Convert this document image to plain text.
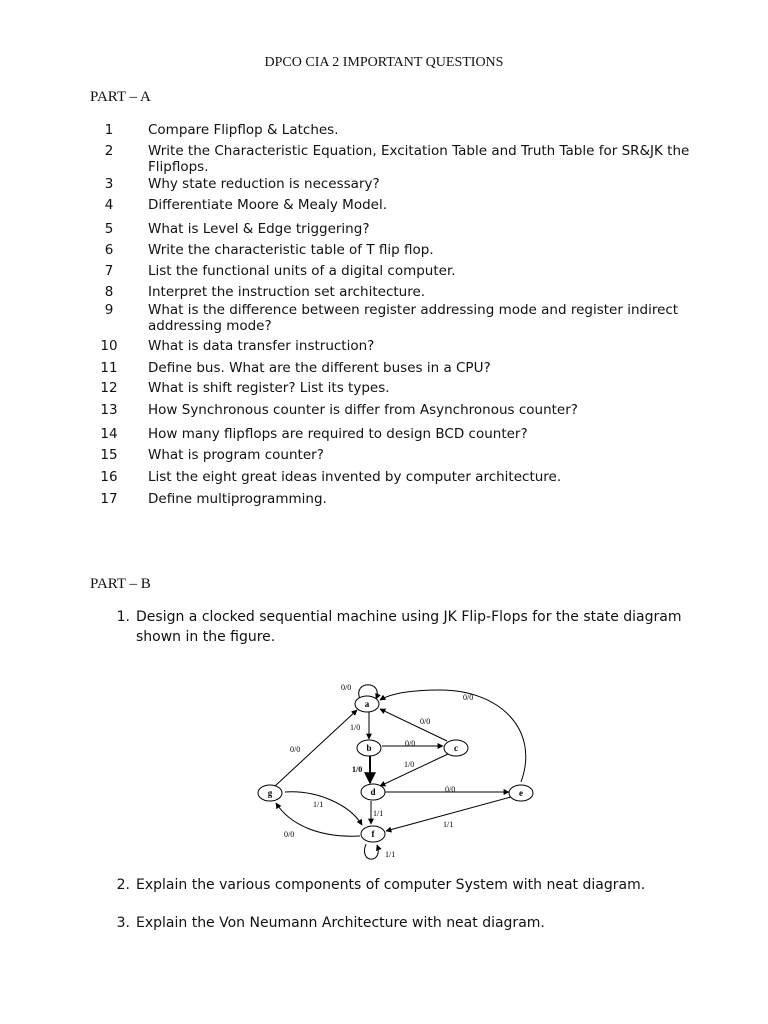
DPCO CIA 2 IMPORTANT QUESTIONS
PART – A
1	Compare Flipflop & Latches.
2	Write the Characteristic Equation, Excitation Table and Truth Table for SR&JK the Flipflops.
3	Why state reduction is necessary?
4	Differentiate Moore & Mealy Model.
5	What is Level & Edge triggering?
6	Write the characteristic table of T flip flop.
7	List the functional units of a digital computer.
8	Interpret the instruction set architecture.
9	What is the difference between register addressing mode and register indirect addressing mode?
10	What is data transfer instruction?
11	Define bus. What are the different buses in a CPU?
12	What is shift register? List its types.
13	How Synchronous counter is differ from Asynchronous counter?
14	How many flipflops are required to design BCD counter?
15	What is program counter?
16	List the eight great ideas invented by computer architecture.
17	Define multiprogramming.
PART – B
1. Design a clocked sequential machine using JK Flip-Flops for the state diagram shown in the figure.
a
b	c
d	e
f
g
0/0
1/0
0/0
0/0
1/0
1/0
0/0
0/0
1/1
1/1
0/0
1/1
0/0
1/1
2. Explain the various components of computer System with neat diagram.
3. Explain the Von Neumann Architecture with neat diagram.
